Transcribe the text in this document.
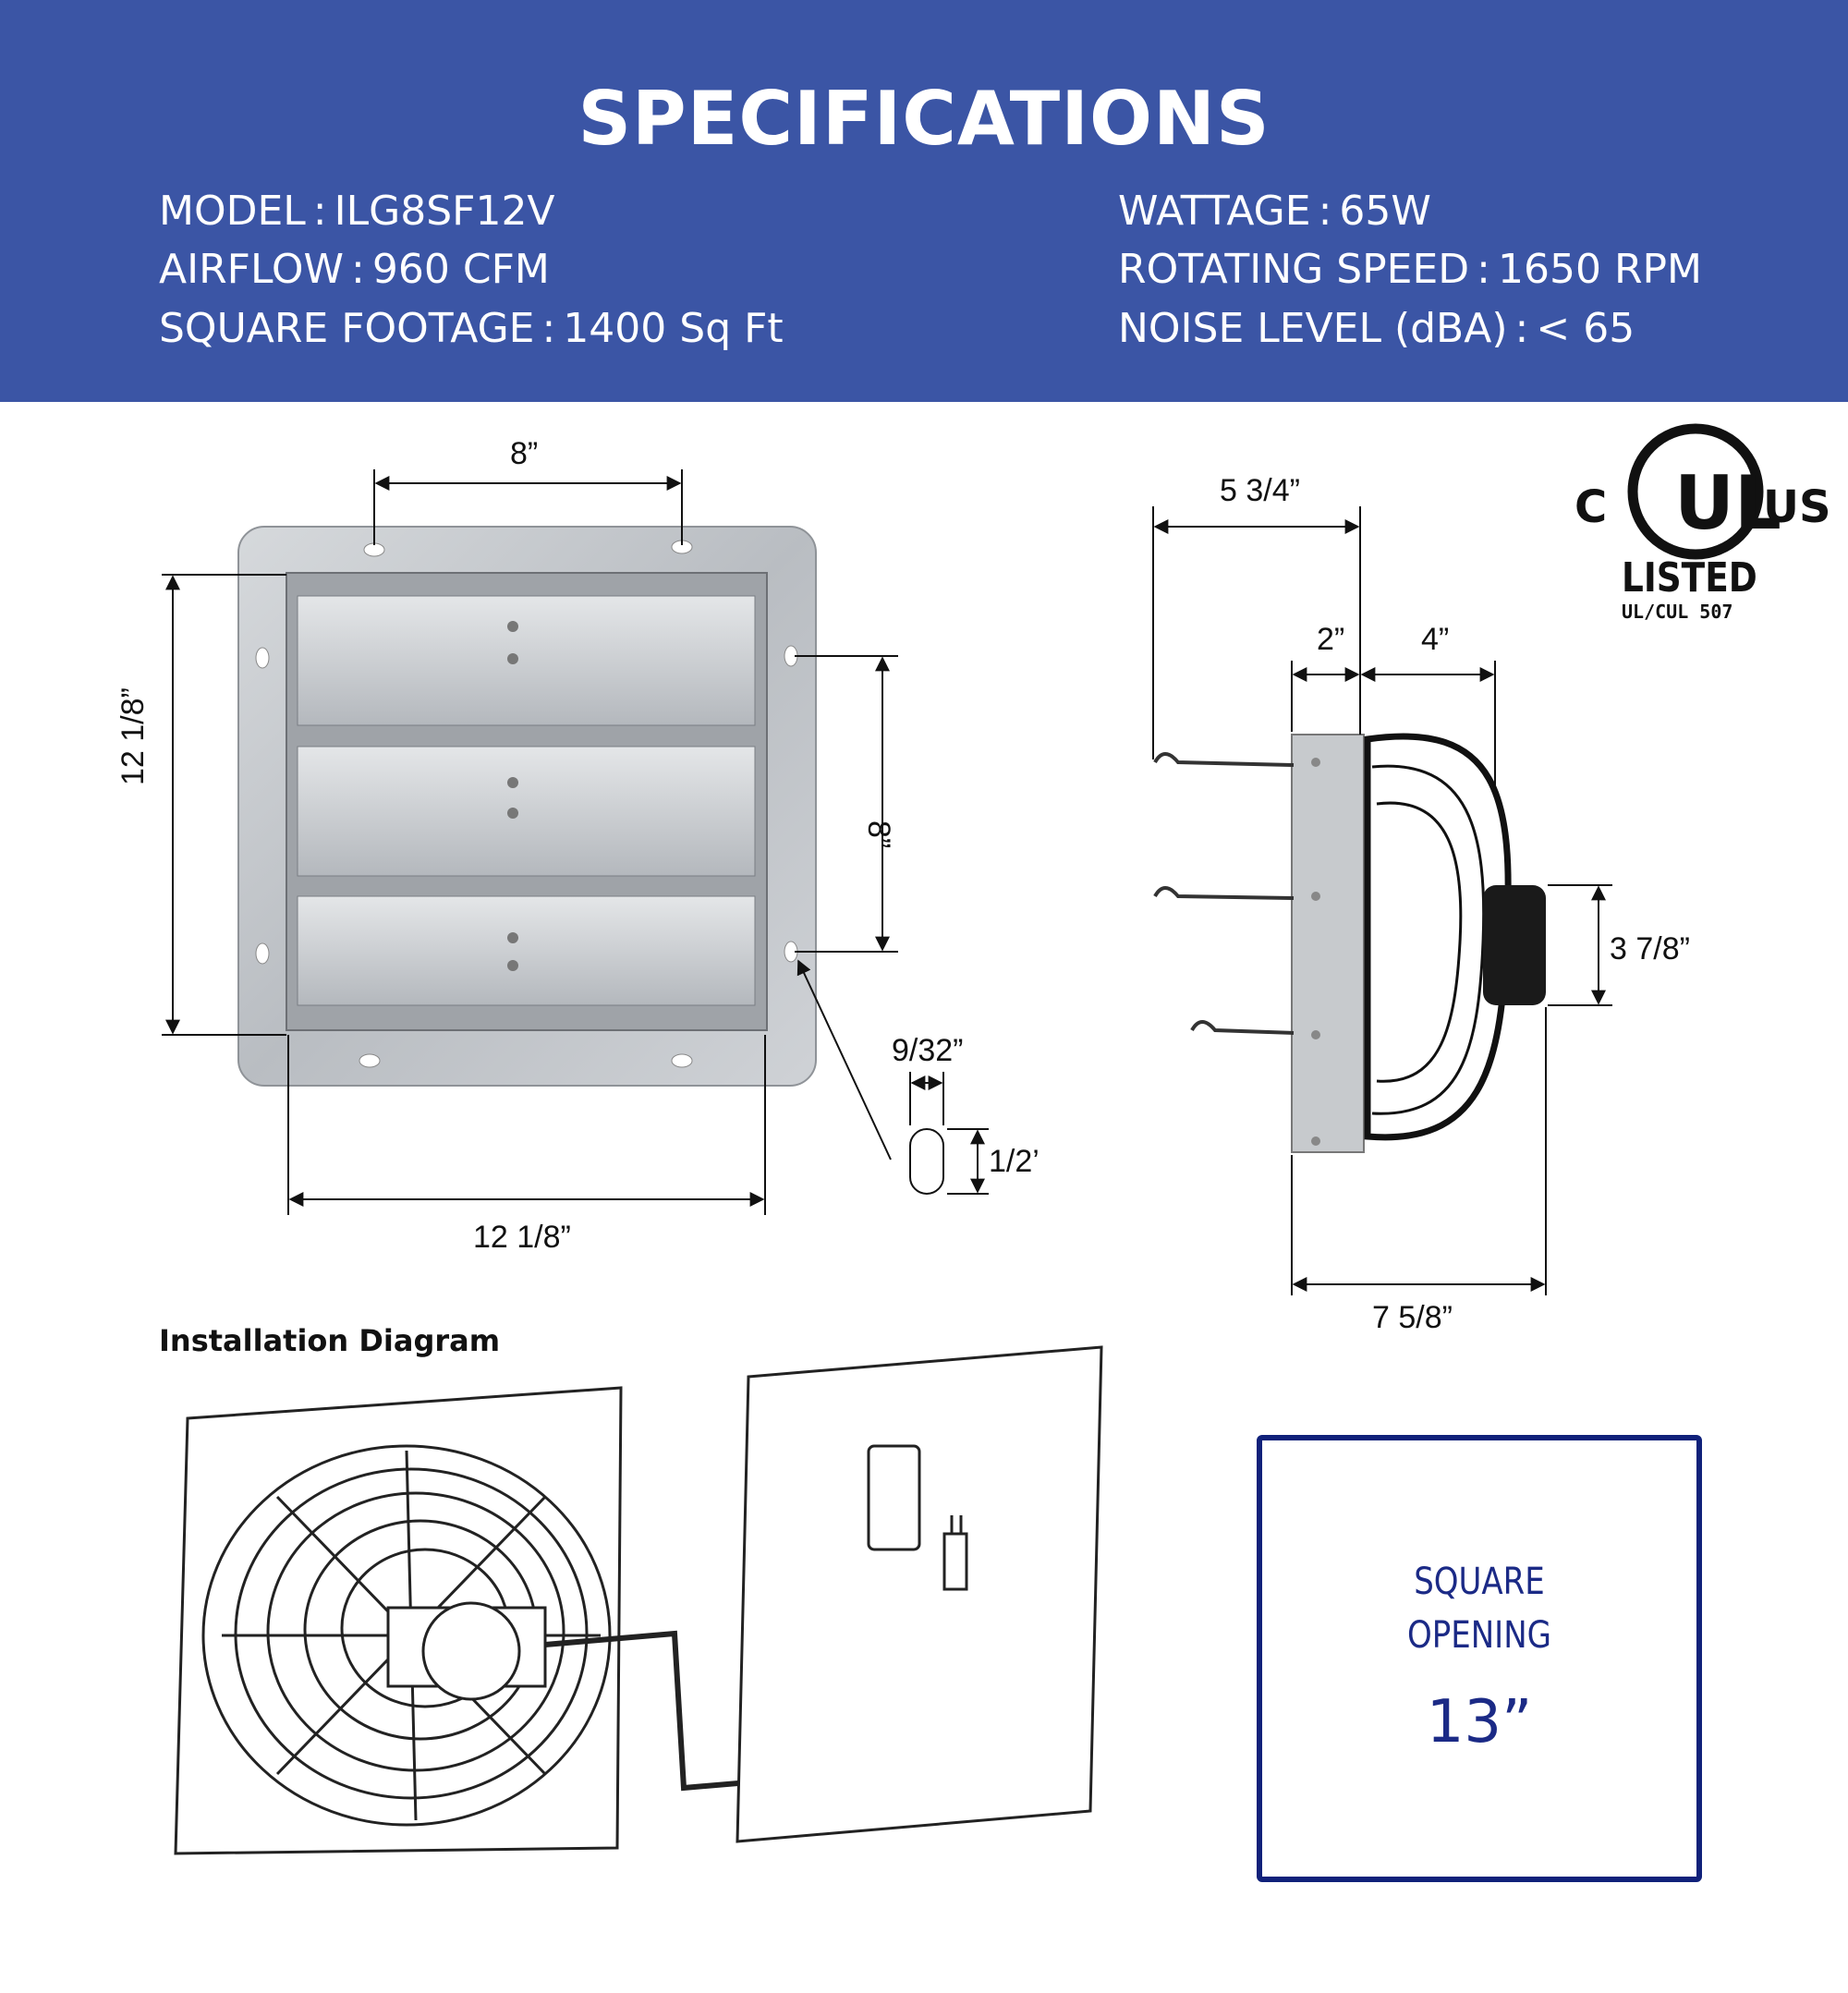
SPECIFICATIONS
MODEL : ILG8SF12V
AIRFLOW : 960 CFM
SQUARE FOOTAGE : 1400 Sq Ft
WATTAGE : 65W
ROTATING SPEED : 1650 RPM
NOISE LEVEL (dBA) : < 65
8”
12 1/8”
8”
12 1/8”
9/32”
1/2’
5 3/4”
2” 4”
3 7/8”
7 5/8”
UL
C	US
LISTED
UL/CUL 507
Installation Diagram
SQUARE
OPENING
13”
